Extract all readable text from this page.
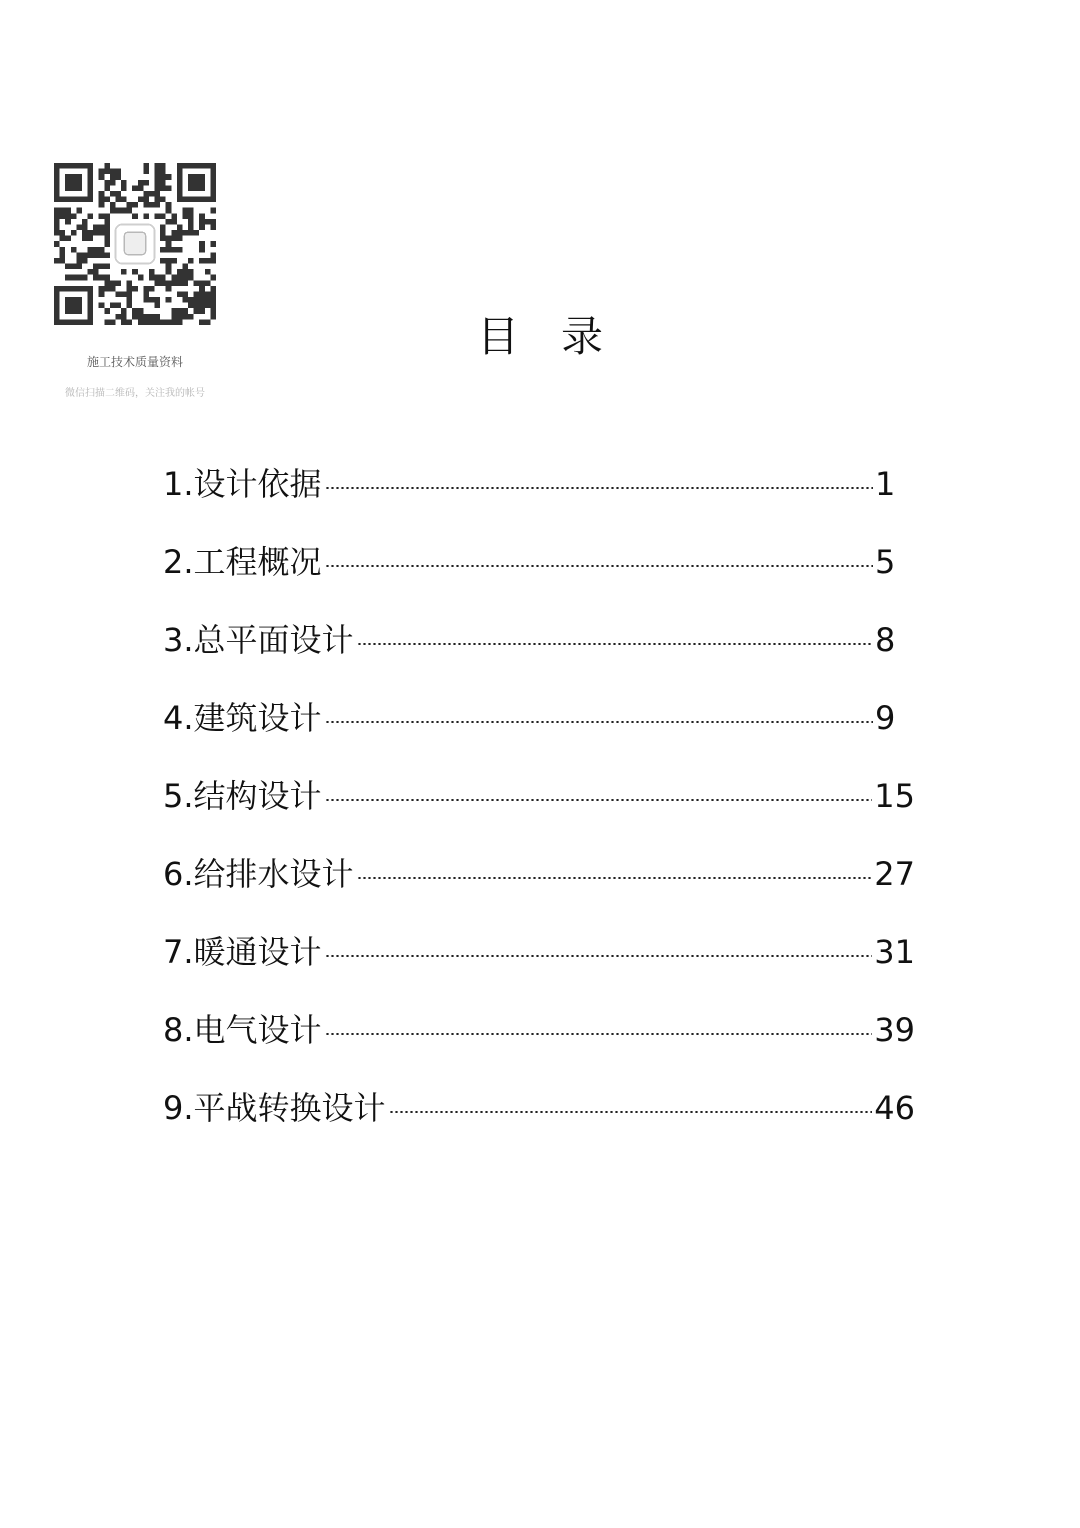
施工技术质量资料
微信扫描二维码，关注我的帐号
目录
1.设计依据	1
2.工程概况	5
3.总平面设计	8
4.建筑设计	9
5.结构设计	15
6.给排水设计	27
7.暖通设计	31
8.电气设计	39
9.平战转换设计	46
